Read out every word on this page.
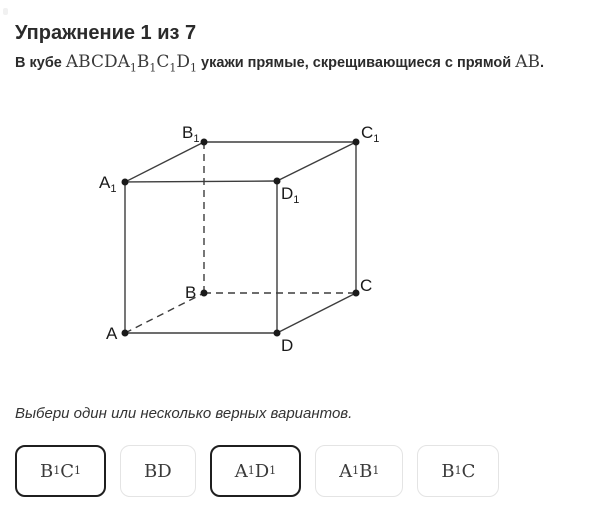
Упражнение 1 из 7
В кубе $ABCDA_1B_1C_1D_1$ укажи прямые, скрещивающиеся с прямой AB.
A
B	C
D
$A_1$
$B_1$	$C_1$
$D_1$
Выбери один или несколько верных вариантов.
B 1 C 1	BD	A 1 D 1	A 1 B 1	B 1 C
